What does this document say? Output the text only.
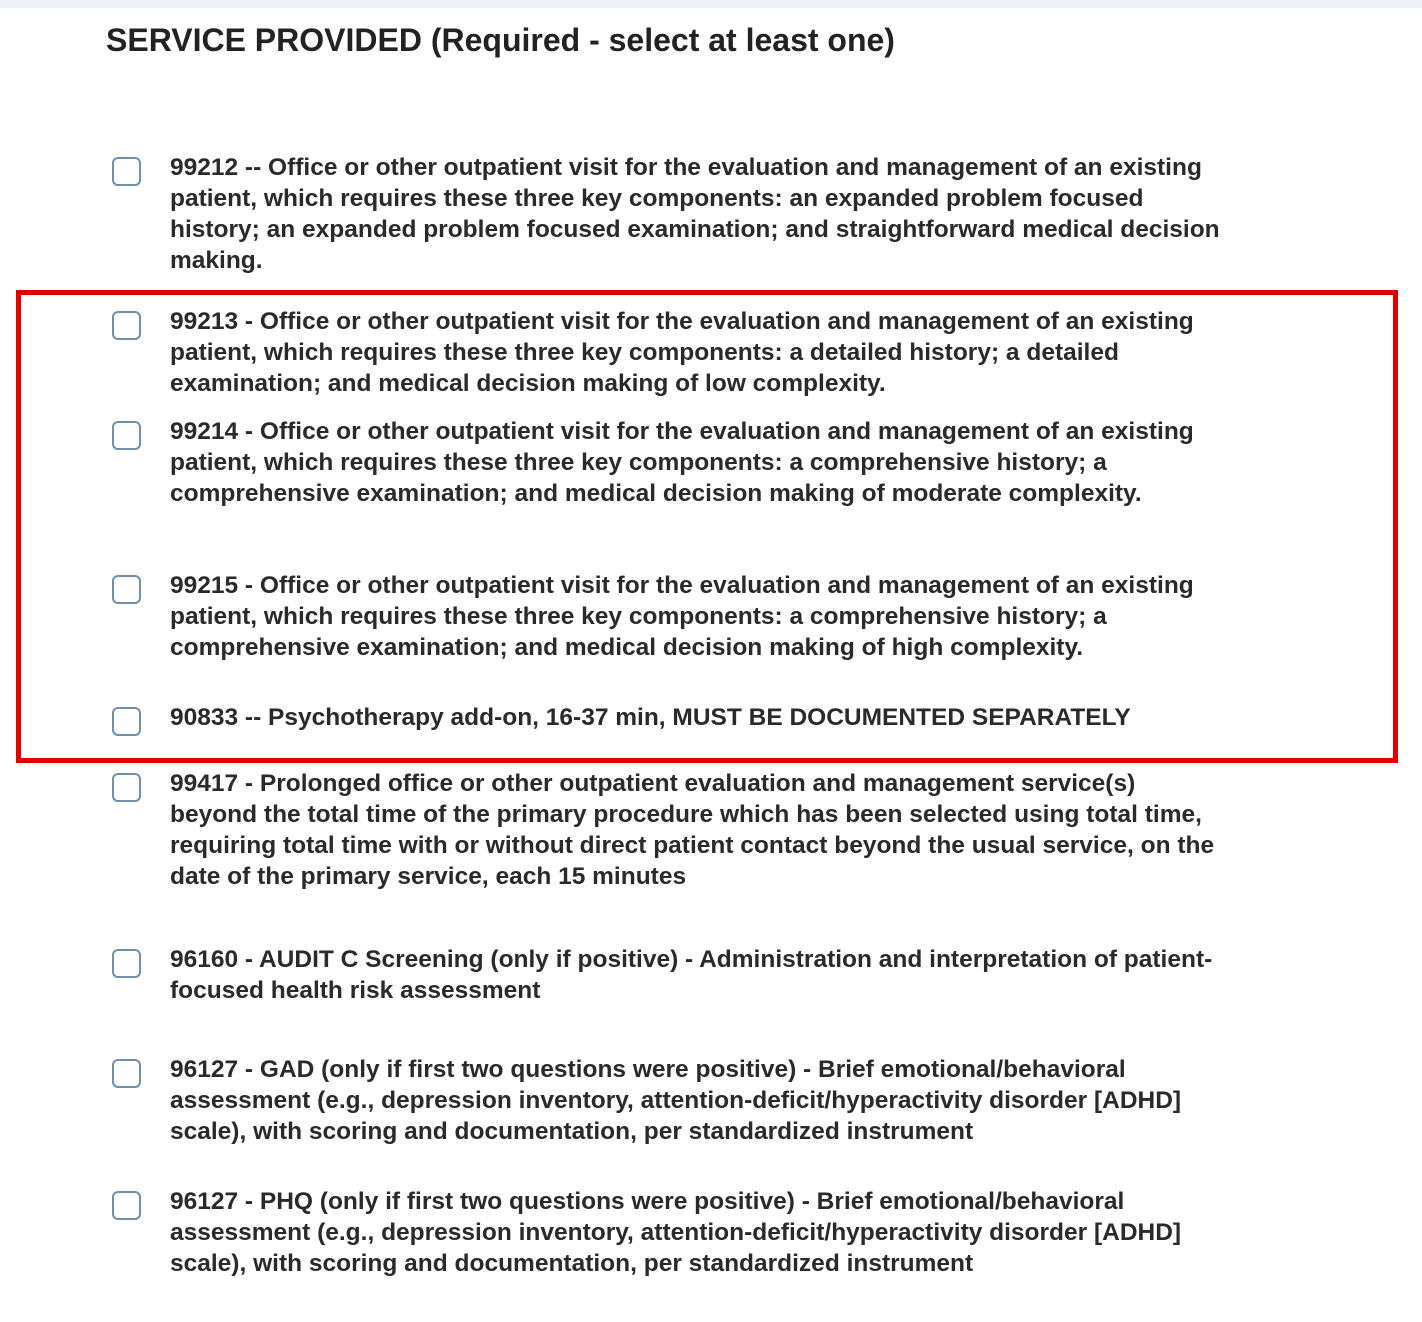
SERVICE PROVIDED (Required - select at least one)
99212 -- Office or other outpatient visit for the evaluation and management of an existing patient, which requires these three key components: an expanded problem focused history; an expanded problem focused examination; and straightforward medical decision making.
99213 - Office or other outpatient visit for the evaluation and management of an existing patient, which requires these three key components: a detailed history; a detailed examination; and medical decision making of low complexity.
99214 - Office or other outpatient visit for the evaluation and management of an existing patient, which requires these three key components: a comprehensive history; a comprehensive examination; and medical decision making of moderate complexity.
99215 - Office or other outpatient visit for the evaluation and management of an existing patient, which requires these three key components: a comprehensive history; a comprehensive examination; and medical decision making of high complexity.
90833 -- Psychotherapy add-on, 16-37 min, MUST BE DOCUMENTED SEPARATELY
99417 - Prolonged office or other outpatient evaluation and management service(s) beyond the total time of the primary procedure which has been selected using total time, requiring total time with or without direct patient contact beyond the usual service, on the date of the primary service, each 15 minutes
96160 - AUDIT C Screening (only if positive) - Administration and interpretation of patient-focused health risk assessment
96127 - GAD (only if first two questions were positive) - Brief emotional/behavioral assessment (e.g., depression inventory, attention-deficit/hyperactivity disorder [ADHD] scale), with scoring and documentation, per standardized instrument
96127 - PHQ (only if first two questions were positive) - Brief emotional/behavioral assessment (e.g., depression inventory, attention-deficit/hyperactivity disorder [ADHD] scale), with scoring and documentation, per standardized instrument
